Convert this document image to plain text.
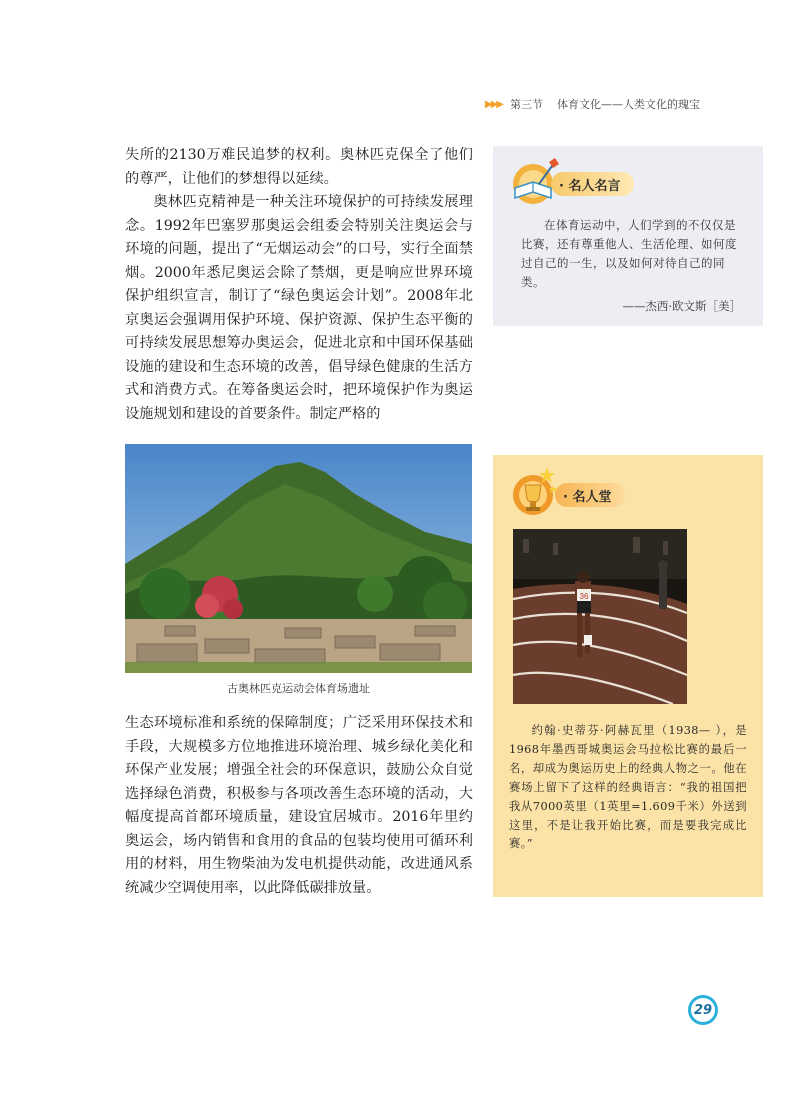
▶▶▶ 第三节 体育文化——人类文化的瑰宝

失所的2130万难民追梦的权利。奥林匹克保全了他们的尊严，让他们的梦想得以延续。

奥林匹克精神是一种关注环境保护的可持续发展理念。1992年巴塞罗那奥运会组委会特别关注奥运会与环境的问题，提出了“无烟运动会”的口号，实行全面禁烟。2000年悉尼奥运会除了禁烟，更是响应世界环境保护组织宣言，制订了“绿色奥运会计划”。2008年北京奥运会强调用保护环境、保护资源、保护生态平衡的可持续发展思想筹办奥运会，促进北京和中国环保基础设施的建设和生态环境的改善，倡导绿色健康的生活方式和消费方式。在筹备奥运会时，把环境保护作为奥运设施规划和建设的首要条件。制定严格的

古奥林匹克运动会体育场遗址

生态环境标准和系统的保障制度；广泛采用环保技术和手段，大规模多方位地推进环境治理、城乡绿化美化和环保产业发展；增强全社会的环保意识，鼓励公众自觉选择绿色消费，积极参与各项改善生态环境的活动，大幅度提高首都环境质量，建设宜居城市。2016年里约奥运会，场内销售和食用的食品的包装均使用可循环利用的材料，用生物柴油为发电机提供动能，改进通风系统减少空调使用率，以此降低碳排放量。

· 名人名言

在体育运动中，人们学到的不仅仅是比赛，还有尊重他人、生活伦理、如何度过自己的一生，以及如何对待自己的同类。

——杰西·欧文斯［美］
· 名人堂
36

约翰·史蒂芬·阿赫瓦里（1938— ），是1968年墨西哥城奥运会马拉松比赛的最后一名，却成为奥运历史上的经典人物之一。他在赛场上留下了这样的经典语言：“我的祖国把我从7000英里（1英里=1.609千米）外送到这里，不是让我开始比赛，而是要我完成比赛。”

29
